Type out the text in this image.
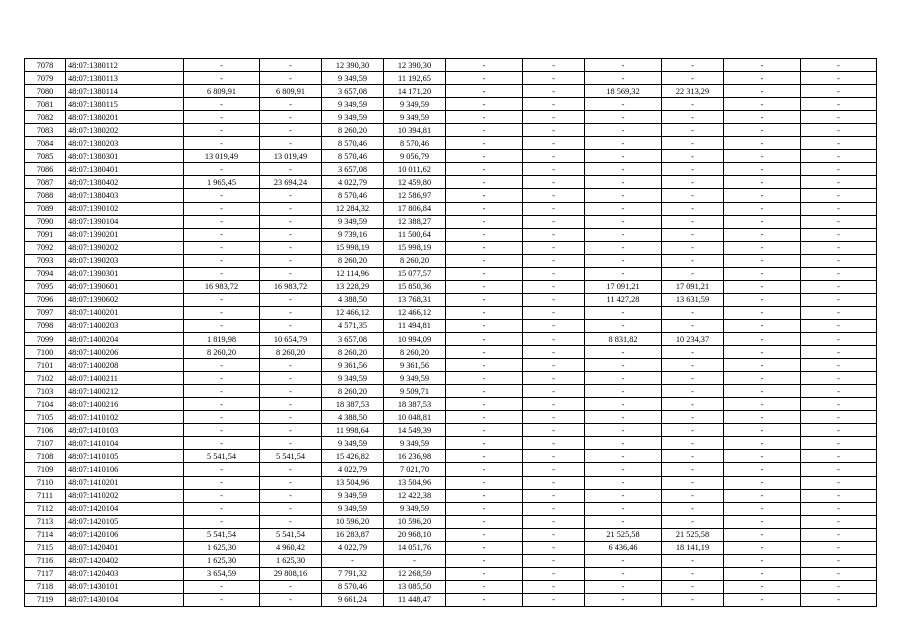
7078	48:07:1380112	-	-	12 390,30	12 390,30	-	-	-	-	-	-
7079	48:07:1380113	-	-	9 349,59	11 192,65	-	-	-	-	-	-
7080	48:07:1380114	6 809,91	6 809,91	3 657,08	14 171,20	-	-	18 569,32	22 313,29	-	-
7081	48:07:1380115	-	-	9 349,59	9 349,59	-	-	-	-	-	-
7082	48:07:1380201	-	-	9 349,59	9 349,59	-	-	-	-	-	-
7083	48:07:1380202	-	-	8 260,20	10 394,81	-	-	-	-	-	-
7084	48:07:1380203	-	-	8 570,46	8 570,46	-	-	-	-	-	-
7085	48:07:1380301	13 019,49	13 019,49	8 570,46	9 056,79	-	-	-	-	-	-
7086	48:07:1380401	-	-	3 657,08	10 011,62	-	-	-	-	-	-
7087	48:07:1380402	1 965,45	23 694,24	4 022,79	12 459,80	-	-	-	-	-	-
7088	48:07:1380403	-	-	8 570,46	12 586,97	-	-	-	-	-	-
7089	48:07:1390102	-	-	12 284,32	17 806,84	-	-	-	-	-	-
7090	48:07:1390104	-	-	9 349,59	12 388,27	-	-	-	-	-	-
7091	48:07:1390201	-	-	9 739,16	11 500,64	-	-	-	-	-	-
7092	48:07:1390202	-	-	15 998,19	15 998,19	-	-	-	-	-	-
7093	48:07:1390203	-	-	8 260,20	8 260,20	-	-	-	-	-	-
7094	48:07:1390301	-	-	12 114,96	15 077,57	-	-	-	-	-	-
7095	48:07:1390601	16 983,72	16 983,72	13 228,29	15 850,36	-	-	17 091,21	17 091,21	-	-
7096	48:07:1390602	-	-	4 388,50	13 768,31	-	-	11 427,28	13 631,59	-	-
7097	48:07:1400201	-	-	12 466,12	12 466,12	-	-	-	-	-	-
7098	48:07:1400203	-	-	4 571,35	11 494,81	-	-	-	-	-	-
7099	48:07:1400204	1 819,98	10 654,79	3 657,08	10 994,09	-	-	8 831,82	10 234,37	-	-
7100	48:07:1400206	8 260,20	8 260,20	8 260,20	8 260,20	-	-	-	-	-	-
7101	48:07:1400208	-	-	9 361,56	9 361,56	-	-	-	-	-	-
7102	48:07:1400211	-	-	9 349,59	9 349,59	-	-	-	-	-	-
7103	48:07:1400212	-	-	8 260,20	9 509,71	-	-	-	-	-	-
7104	48:07:1400216	-	-	18 387,53	18 387,53	-	-	-	-	-	-
7105	48:07:1410102	-	-	4 388,50	10 048,81	-	-	-	-	-	-
7106	48:07:1410103	-	-	11 998,64	14 549,39	-	-	-	-	-	-
7107	48:07:1410104	-	-	9 349,59	9 349,59	-	-	-	-	-	-
7108	48:07:1410105	5 541,54	5 541,54	15 426,82	16 236,98	-	-	-	-	-	-
7109	48:07:1410106	-	-	4 022,79	7 021,70	-	-	-	-	-	-
7110	48:07:1410201	-	-	13 504,96	13 504,96	-	-	-	-	-	-
7111	48:07:1410202	-	-	9 349,59	12 422,38	-	-	-	-	-	-
7112	48:07:1420104	-	-	9 349,59	9 349,59	-	-	-	-	-	-
7113	48:07:1420105	-	-	10 596,20	10 596,20	-	-	-	-	-	-
7114	48:07:1420106	5 541,54	5 541,54	16 283,87	20 968,10	-	-	21 525,58	21 525,58	-	-
7115	48:07:1420401	1 625,30	4 960,42	4 022,79	14 051,76	-	-	6 436,46	18 141,19	-	-
7116	48:07:1420402	1 625,30	1 625,30	-	-	-	-	-	-	-	-
7117	48:07:1420403	3 654,59	29 808,16	7 791,32	12 268,59	-	-	-	-	-	-
7118	48:07:1430101	-	-	8 570,46	13 085,50	-	-	-	-	-	-
7119	48:07:1430104	-	-	9 661,24	11 448,47	-	-	-	-	-	-
